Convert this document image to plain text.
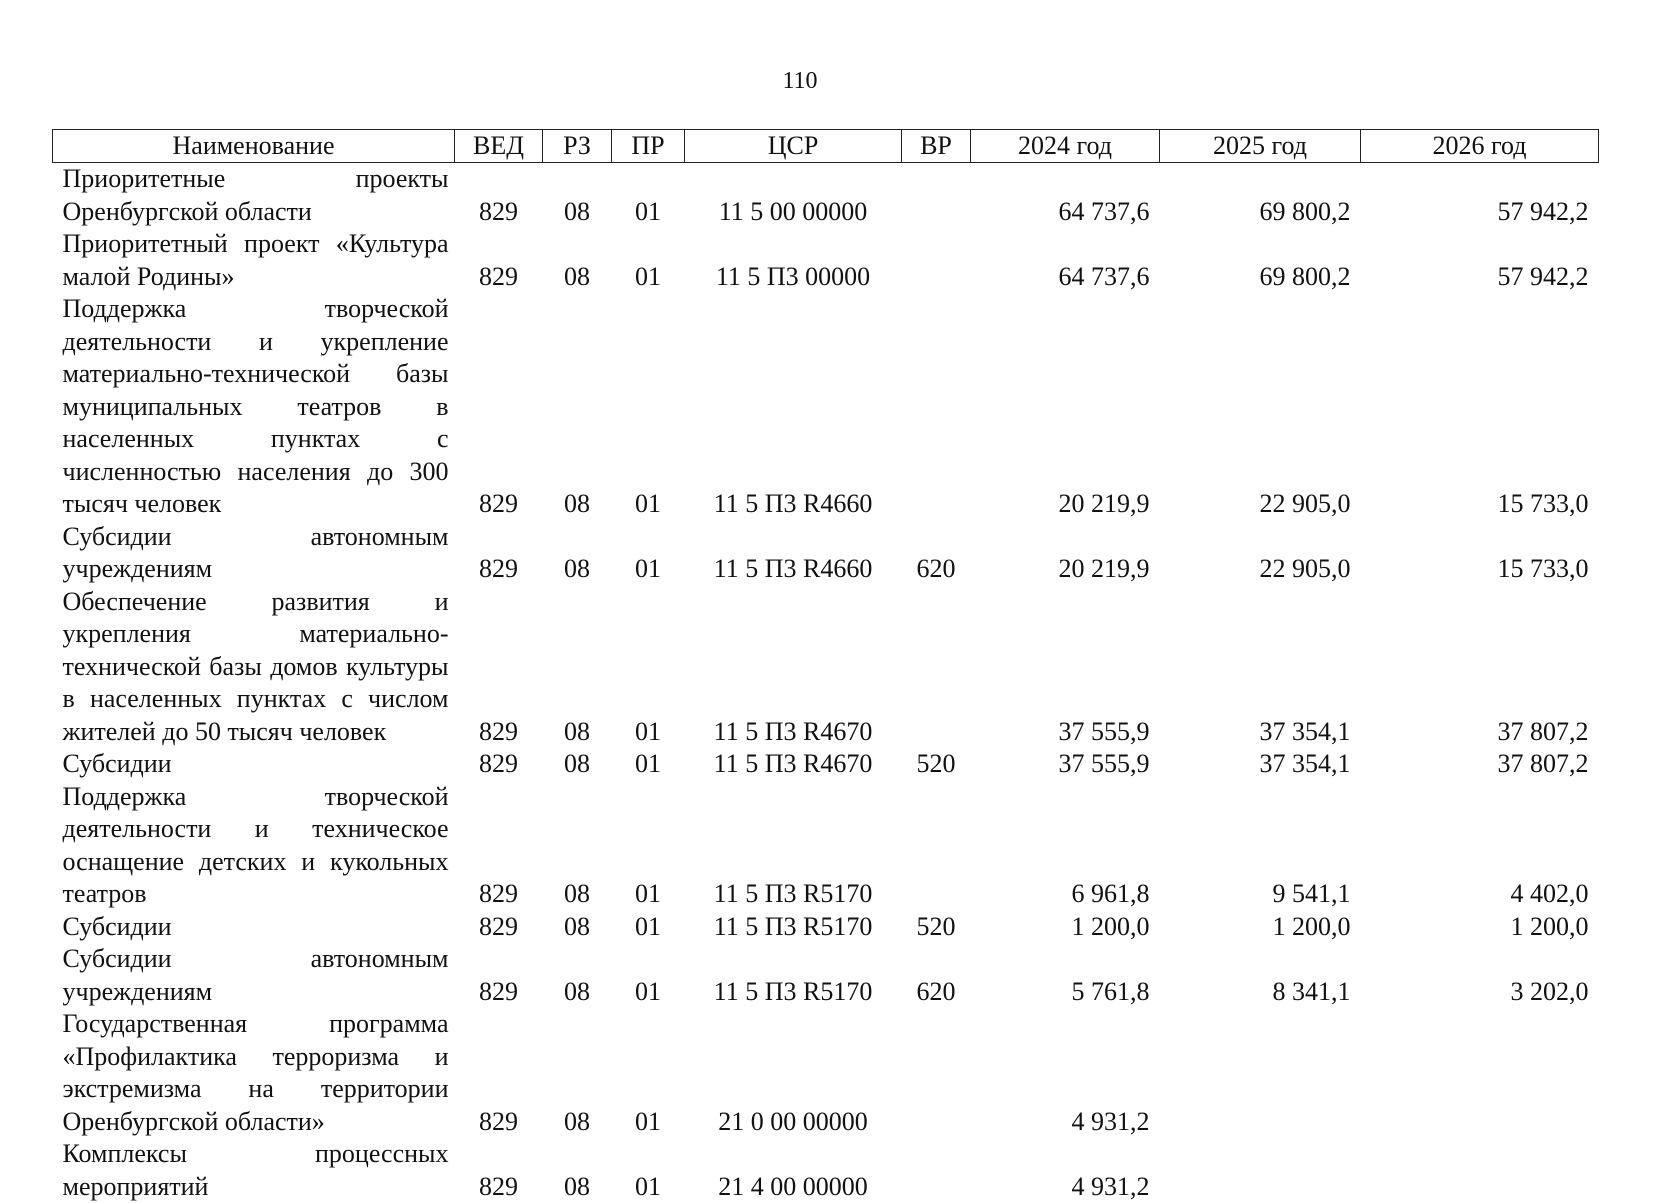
110
Наименование	ВЕД	РЗ	ПР	ЦСР	ВР	2024 год	2025 год	2026 год
Приоритетные проекты Оренбургской области	829	08	01	11 5 00 00000		64 737,6	69 800,2	57 942,2
Приоритетный проект «Культура малой Родины»	829	08	01	11 5 П3 00000		64 737,6	69 800,2	57 942,2
Поддержка творческой деятельности и укрепление материально-технической базы муниципальных театров в населенных пунктах с численностью населения до 300 тысяч человек	829	08	01	11 5 П3 R4660		20 219,9	22 905,0	15 733,0
Субсидии автономным учреждениям	829	08	01	11 5 П3 R4660	620	20 219,9	22 905,0	15 733,0
Обеспечение развития и укрепления материально-технической базы домов культуры в населенных пунктах с числом жителей до 50 тысяч человек	829	08	01	11 5 П3 R4670		37 555,9	37 354,1	37 807,2
Субсидии	829	08	01	11 5 П3 R4670	520	37 555,9	37 354,1	37 807,2
Поддержка творческой деятельности и техническое оснащение детских и кукольных театров	829	08	01	11 5 П3 R5170		6 961,8	9 541,1	4 402,0
Субсидии	829	08	01	11 5 П3 R5170	520	1 200,0	1 200,0	1 200,0
Субсидии автономным учреждениям	829	08	01	11 5 П3 R5170	620	5 761,8	8 341,1	3 202,0
Государственная программа «Профилактика терроризма и экстремизма на территории Оренбургской области»	829	08	01	21 0 00 00000		4 931,2		
Комплексы процессных мероприятий	829	08	01	21 4 00 00000		4 931,2		
